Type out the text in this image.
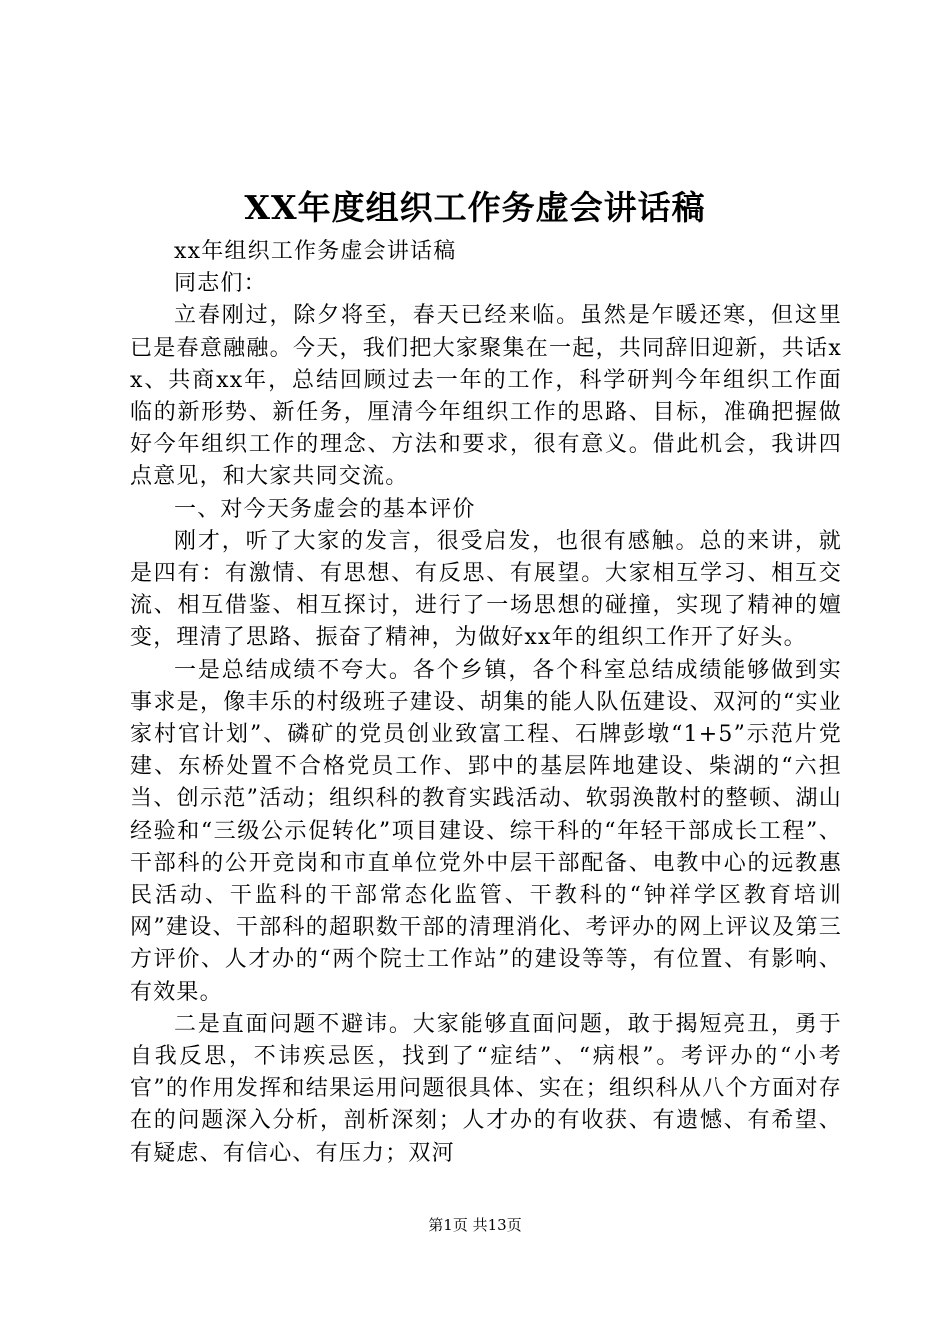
XX年度组织工作务虚会讲话稿

xx年组织工作务虚会讲话稿

同志们：

立春刚过，除夕将至，春天已经来临。虽然是乍暖还寒，但这里已是春意融融。今天，我们把大家聚集在一起，共同辞旧迎新，共话xx、共商xx年，总结回顾过去一年的工作，科学研判今年组织工作面临的新形势、新任务，厘清今年组织工作的思路、目标，准确把握做好今年组织工作的理念、方法和要求，很有意义。借此机会，我讲四点意见，和大家共同交流。

一、对今天务虚会的基本评价

刚才，听了大家的发言，很受启发，也很有感触。总的来讲，就是四有：有激情、有思想、有反思、有展望。大家相互学习、相互交流、相互借鉴、相互探讨，进行了一场思想的碰撞，实现了精神的嬗变，理清了思路、振奋了精神，为做好xx年的组织工作开了好头。

一是总结成绩不夸大。各个乡镇，各个科室总结成绩能够做到实事求是，像丰乐的村级班子建设、胡集的能人队伍建设、双河的“实业家村官计划”、磷矿的党员创业致富工程、石牌彭墩“1+5”示范片党建、东桥处置不合格党员工作、郢中的基层阵地建设、柴湖的“六担当、创示范”活动；组织科的教育实践活动、软弱涣散村的整顿、湖山经验和“三级公示促转化”项目建设、综干科的“年轻干部成长工程”、干部科的公开竞岗和市直单位党外中层干部配备、电教中心的远教惠民活动、干监科的干部常态化监管、干教科的“钟祥学区教育培训网”建设、干部科的超职数干部的清理消化、考评办的网上评议及第三方评价、人才办的“两个院士工作站”的建设等等，有位置、有影响、有效果。

二是直面问题不避讳。大家能够直面问题，敢于揭短亮丑，勇于自我反思，不讳疾忌医，找到了“症结”、“病根”。考评办的“小考官”的作用发挥和结果运用问题很具体、实在；组织科从八个方面对存在的问题深入分析，剖析深刻；人才办的有收获、有遗憾、有希望、有疑虑、有信心、有压力；双河

第1页 共13页
